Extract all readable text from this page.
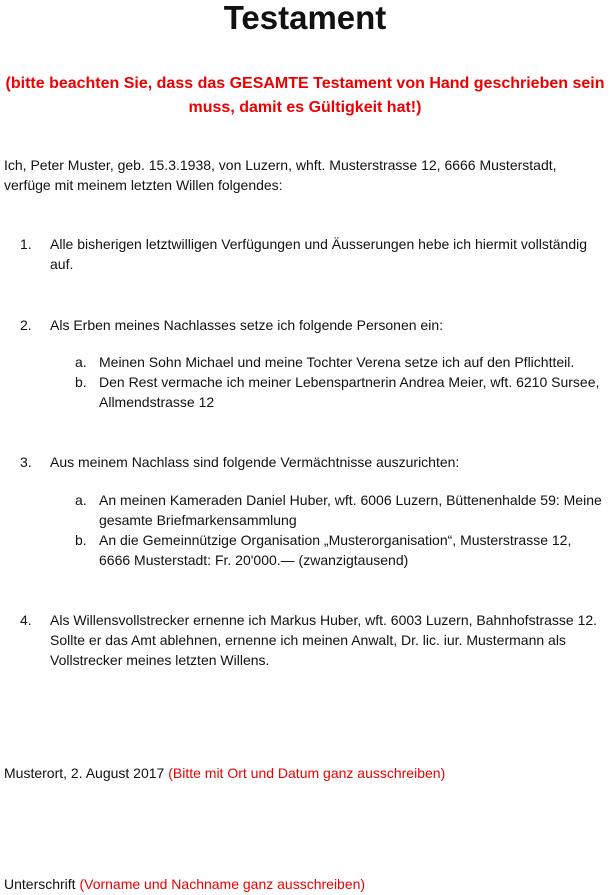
Testament
(bitte beachten Sie, dass das GESAMTE Testament von Hand geschrieben sein muss, damit es Gültigkeit hat!)
Ich, Peter Muster, geb. 15.3.1938, von Luzern, whft. Musterstrasse 12, 6666 Musterstadt, verfüge mit meinem letzten Willen folgendes:
1.	Alle bisherigen letztwilligen Verfügungen und Äusserungen hebe ich hiermit vollständig auf.
2.	Als Erben meines Nachlasses setze ich folgende Personen ein:
a. Meinen Sohn Michael und meine Tochter Verena setze ich auf den Pflichtteil.
b. Den Rest vermache ich meiner Lebenspartnerin Andrea Meier, wft. 6210 Sursee, Allmendstrasse 12
3.	Aus meinem Nachlass sind folgende Vermächtnisse auszurichten:
a. An meinen Kameraden Daniel Huber, wft. 6006 Luzern, Büttenenhalde 59: Meine gesamte Briefmarkensammlung
b. An die Gemeinnützige Organisation „Musterorganisation“, Musterstrasse 12, 6666 Musterstadt: Fr. 20'000.— (zwanzigtausend)
4.	Als Willensvollstrecker ernenne ich Markus Huber, wft. 6003 Luzern, Bahnhofstrasse 12. Sollte er das Amt ablehnen, ernenne ich meinen Anwalt, Dr. lic. iur. Mustermann als Vollstrecker meines letzten Willens.
Musterort, 2. August 2017 (Bitte mit Ort und Datum ganz ausschreiben)
Unterschrift (Vorname und Nachname ganz ausschreiben)
